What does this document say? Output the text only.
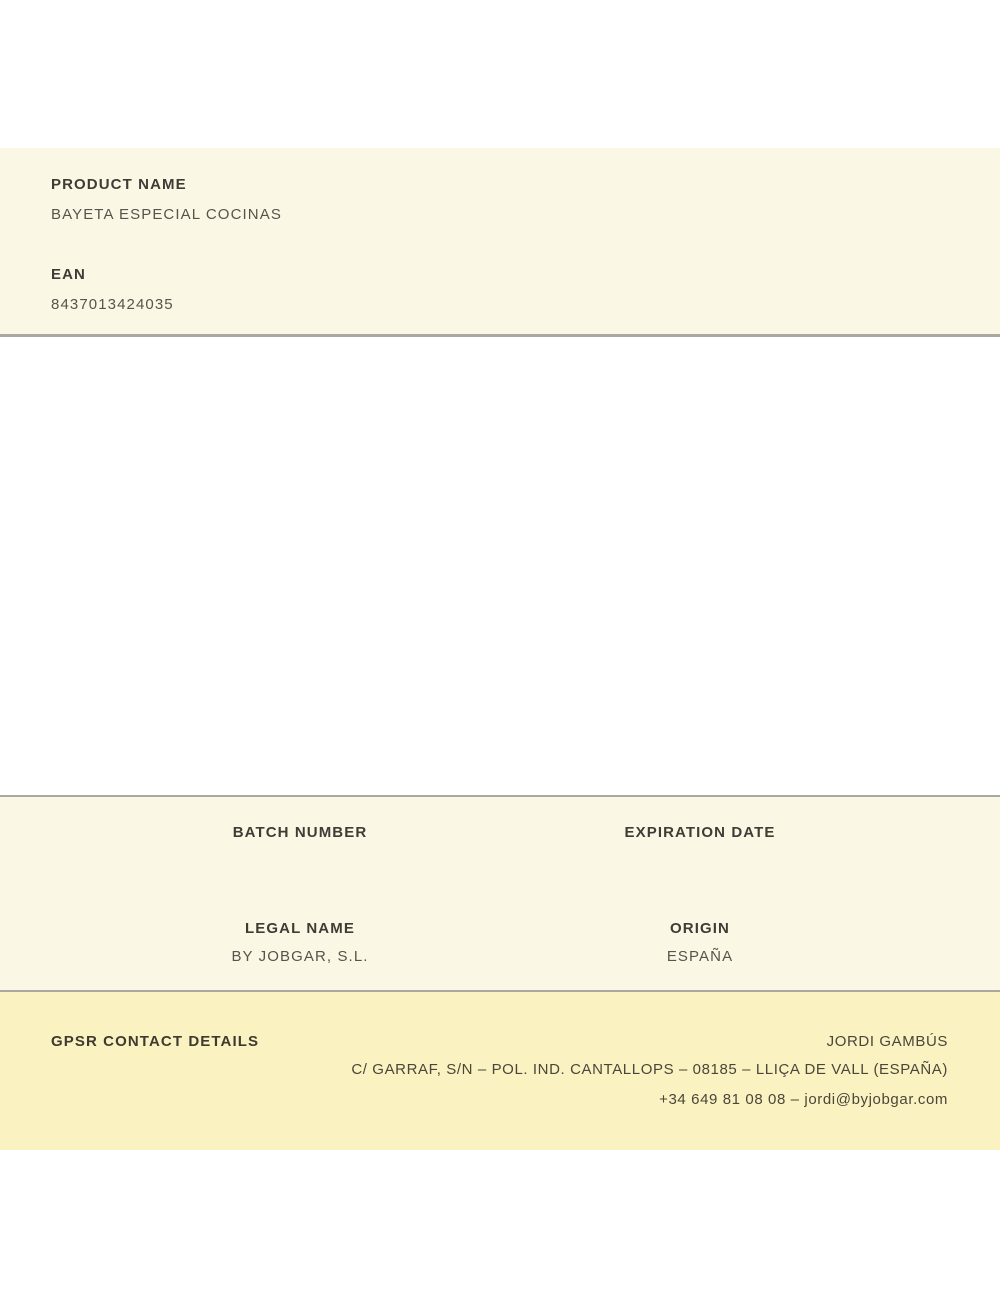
PRODUCT NAME
BAYETA ESPECIAL COCINAS
EAN
8437013424035
BATCH NUMBER	EXPIRATION DATE
LEGAL NAME
BY JOBGAR, S.L.
ORIGIN
ESPAÑA
GPSR CONTACT DETAILS	JORDI GAMBÚS
C/ GARRAF, S/N – POL. IND. CANTALLOPS – 08185 – LLIÇA DE VALL (ESPAÑA)
+34 649 81 08 08 – jordi@byjobgar.com
